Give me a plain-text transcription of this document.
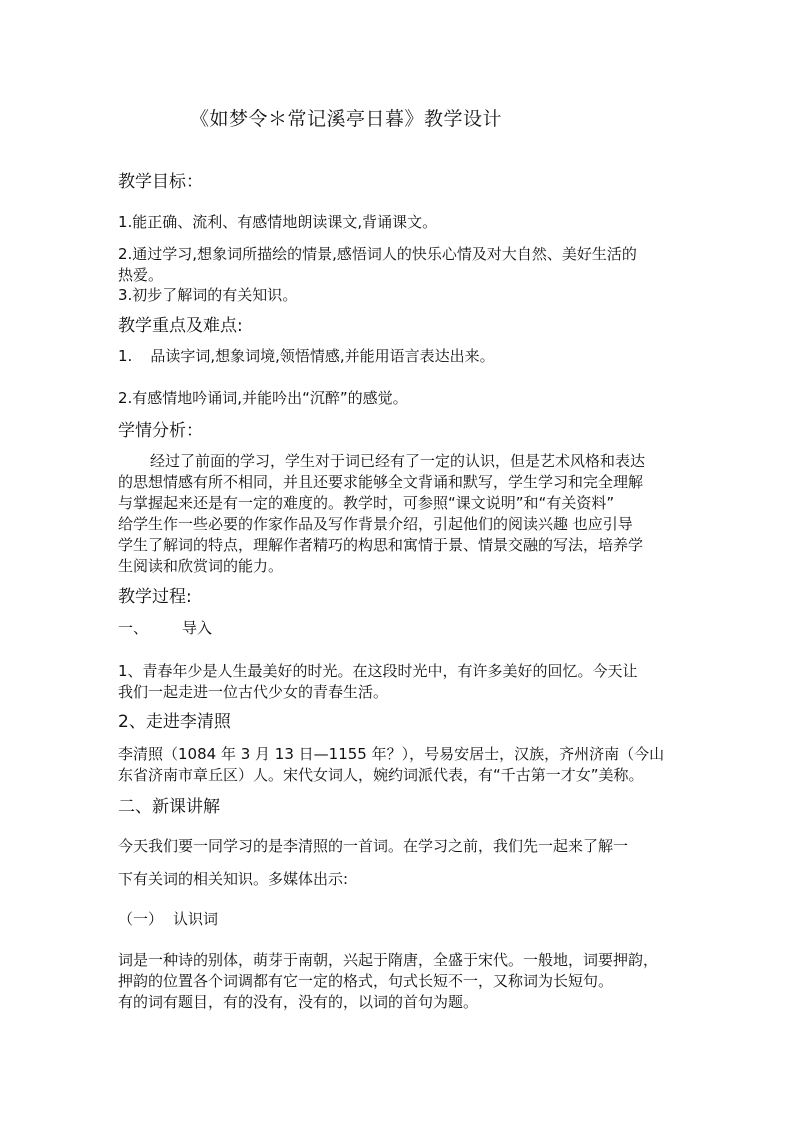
《如梦令＊常记溪亭日暮》教学设计

教学目标：

1.能正确、流利、有感情地朗读课文,背诵课文。

2.通过学习,想象词所描绘的情景,感悟词人的快乐心情及对大自然、美好生活的

热爱。

3.初步了解词的有关知识。

教学重点及难点:

1. 品读字词,想象词境,领悟情感,并能用语言表达出来。

2.有感情地吟诵词,并能吟出“沉醉”的感觉。

学情分析：

经过了前面的学习，学生对于词已经有了一定的认识，但是艺术风格和表达

的思想情感有所不相同，并且还要求能够全文背诵和默写，学生学习和完全理解

与掌握起来还是有一定的难度的。教学时，可参照“课文说明”和“有关资料”

给学生作一些必要的作家作品及写作背景介绍，引起他们的阅读兴趣 也应引导

学生了解词的特点，理解作者精巧的构思和寓情于景、情景交融的写法，培养学

生阅读和欣赏词的能力。

教学过程:

一、 导入

1、青春年少是人生最美好的时光。在这段时光中，有许多美好的回忆。今天让

我们一起走进一位古代少女的青春生活。

2、走进李清照

李清照（1084 年 3 月 13 日—1155 年？），号易安居士，汉族，齐州济南（今山

东省济南市章丘区）人。宋代女词人，婉约词派代表，有“千古第一才女”美称。

二、新课讲解

今天我们要一同学习的是李清照的一首词。在学习之前，我们先一起来了解一

下有关词的相关知识。多媒体出示:

（一） 认识词

词是一种诗的别体，萌芽于南朝，兴起于隋唐，全盛于宋代。一般地，词要押韵，

押韵的位置各个词调都有它一定的格式，句式长短不一，又称词为长短句。

有的词有题目，有的没有，没有的，以词的首句为题。
